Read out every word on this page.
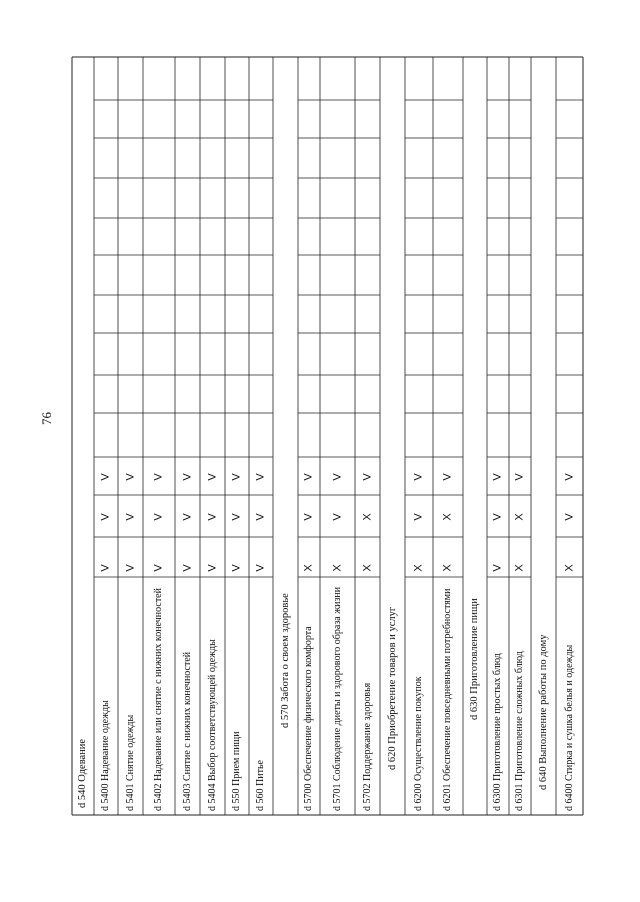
76
d 540 Одевание d 5400 Надевание одежды
V
V
V
d 5401 Снятие одежды
V
V
V
d 5402 Надевание или снятие с нижних конечностей
V
V
V
d 5403 Снятие с нижних конечностей
V
V
V
d 5404 Выбор соответствующей одежды
V
V
V
d 550 Прием пищи
V
V
V
d 560 Питье
V
V
V
d 570 Забота о своем здоровье d 5700 Обеспечение физического комфорта
X
V
V
d 5701 Соблюдение диеты и здорового образа жизни
X
V
V
d 5702 Поддержание здоровья
X
X
V
d 620 Приобретение товаров и услуг d 6200 Осуществление покупок
X
V
V
d 6201 Обеспечение повседневными потребностями
X
X
V
d 630 Приготовление пищи d 6300 Приготовление простых блюд
V
V
V
d 6301 Приготовление сложных блюд
X
X
V
d 640 Выполнение работы по дому d 6400 Стирка и сушка белья и одежды
X
V
V
